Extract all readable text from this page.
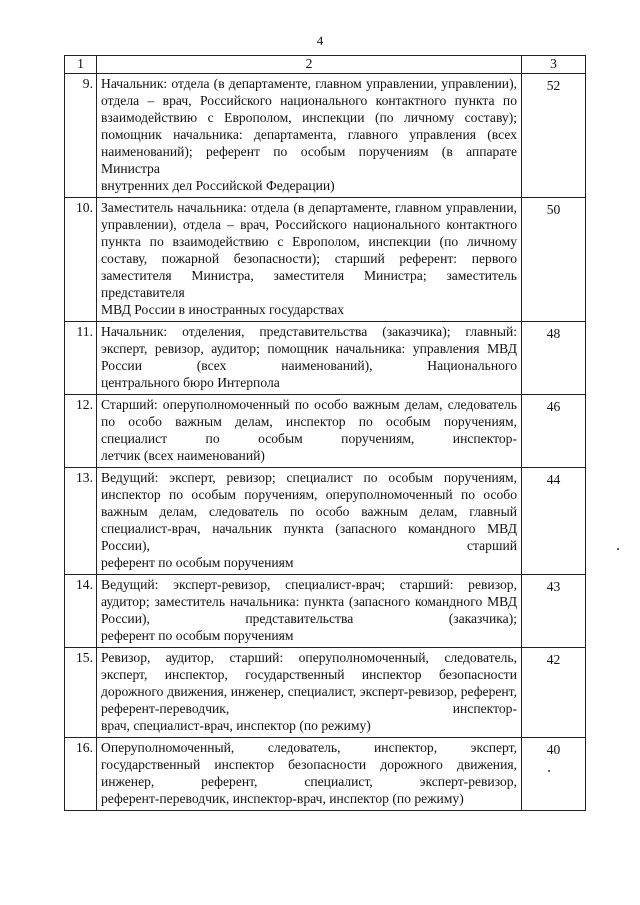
4
1	2	3
9.	Начальник: отдела (в департаменте, главном управлении, управлении), отдела – врач, Российского национального контактного пункта по взаимодействию с Европолом, инспекции (по личному составу); помощник начальника: департамента, главного управления (всех наименований); референт по особым поручениям (в аппарате Министра
внутренних дел Российской Федерации)	52
10.	Заместитель начальника: отдела (в департаменте, главном управлении, управлении), отдела – врач, Российского национального контактного пункта по взаимодействию с Европолом, инспекции (по личному составу, пожарной безопасности); старший референт: первого заместителя Министра, заместителя Министра; заместитель представителя
МВД России в иностранных государствах	50
11.	Начальник: отделения, представительства (заказчика); главный: эксперт, ревизор, аудитор; помощник начальника: управления МВД России (всех наименований), Национального
центрального бюро Интерпола	48
12.	Старший: оперуполномоченный по особо важным делам, следователь по особо важным делам, инспектор по особым поручениям, специалист по особым поручениям, инспектор-
летчик (всех наименований)	46
13.	Ведущий: эксперт, ревизор; специалист по особым поручениям, инспектор по особым поручениям, оперуполномоченный по особо важным делам, следователь по особо важным делам, главный специалист-врач, начальник пункта (запасного командного МВД России), старший
референт по особым поручениям	44
14.	Ведущий: эксперт-ревизор, специалист-врач; старший: ревизор, аудитор; заместитель начальника: пункта (запасного командного МВД России), представительства (заказчика);
референт по особым поручениям	43
15.	Ревизор, аудитор, старший: оперуполномоченный, следователь, эксперт, инспектор, государственный инспектор безопасности дорожного движения, инженер, специалист, эксперт-ревизор, референт, референт-переводчик, инспектор-
врач, специалист-врач, инспектор (по режиму)	42
16.	Оперуполномоченный, следователь, инспектор, эксперт, государственный инспектор безопасности дорожного движения, инженер, референт, специалист, эксперт-ревизор,
референт-переводчик, инспектор-врач, инспектор (по режиму)	40
